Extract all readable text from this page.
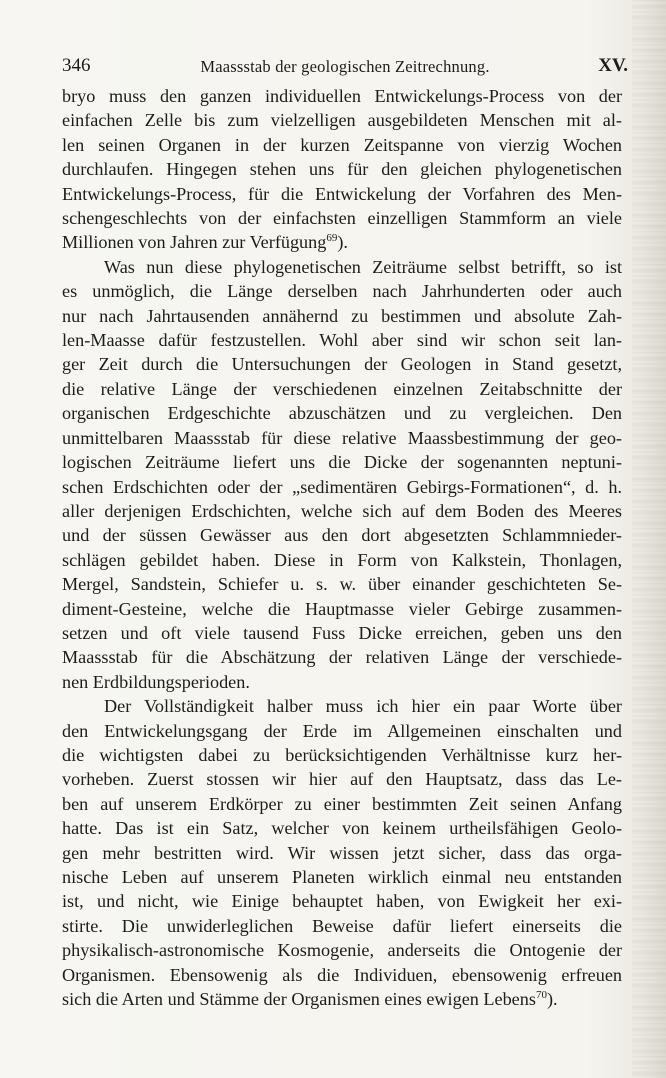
346	Maassstab der geologischen Zeitrechnung.	XV.

bryo muss den ganzen individuellen Entwickelungs-Process von der
einfachen Zelle bis zum vielzelligen ausgebildeten Menschen mit al-
len seinen Organen in der kurzen Zeitspanne von vierzig Wochen
durchlaufen. Hingegen stehen uns für den gleichen phylogenetischen
Entwickelungs-Process, für die Entwickelung der Vorfahren des Men-
schengeschlechts von der einfachsten einzelligen Stammform an viele
Millionen von Jahren zur Verfügung$^{69}$).

Was nun diese phylogenetischen Zeiträume selbst betrifft, so ist
es unmöglich, die Länge derselben nach Jahrhunderten oder auch
nur nach Jahrtausenden annähernd zu bestimmen und absolute Zah-
len-Maasse dafür festzustellen. Wohl aber sind wir schon seit lan-
ger Zeit durch die Untersuchungen der Geologen in Stand gesetzt,
die relative Länge der verschiedenen einzelnen Zeitabschnitte der
organischen Erdgeschichte abzuschätzen und zu vergleichen. Den
unmittelbaren Maassstab für diese relative Maassbestimmung der geo-
logischen Zeiträume liefert uns die Dicke der sogenannten neptuni-
schen Erdschichten oder der „sedimentären Gebirgs-Formationen“, d. h.
aller derjenigen Erdschichten, welche sich auf dem Boden des Meeres
und der süssen Gewässer aus den dort abgesetzten Schlammnieder-
schlägen gebildet haben. Diese in Form von Kalkstein, Thonlagen,
Mergel, Sandstein, Schiefer u. s. w. über einander geschichteten Se-
diment-Gesteine, welche die Hauptmasse vieler Gebirge zusammen-
setzen und oft viele tausend Fuss Dicke erreichen, geben uns den
Maassstab für die Abschätzung der relativen Länge der verschiede-
nen Erdbildungsperioden.

Der Vollständigkeit halber muss ich hier ein paar Worte über
den Entwickelungsgang der Erde im Allgemeinen einschalten und
die wichtigsten dabei zu berücksichtigenden Verhältnisse kurz her-
vorheben. Zuerst stossen wir hier auf den Hauptsatz, dass das Le-
ben auf unserem Erdkörper zu einer bestimmten Zeit seinen Anfang
hatte. Das ist ein Satz, welcher von keinem urtheilsfähigen Geolo-
gen mehr bestritten wird. Wir wissen jetzt sicher, dass das orga-
nische Leben auf unserem Planeten wirklich einmal neu entstanden
ist, und nicht, wie Einige behauptet haben, von Ewigkeit her exi-
stirte. Die unwiderleglichen Beweise dafür liefert einerseits die
physikalisch-astronomische Kosmogenie, anderseits die Ontogenie der
Organismen. Ebensowenig als die Individuen, ebensowenig erfreuen
sich die Arten und Stämme der Organismen eines ewigen Lebens$^{70}$).
